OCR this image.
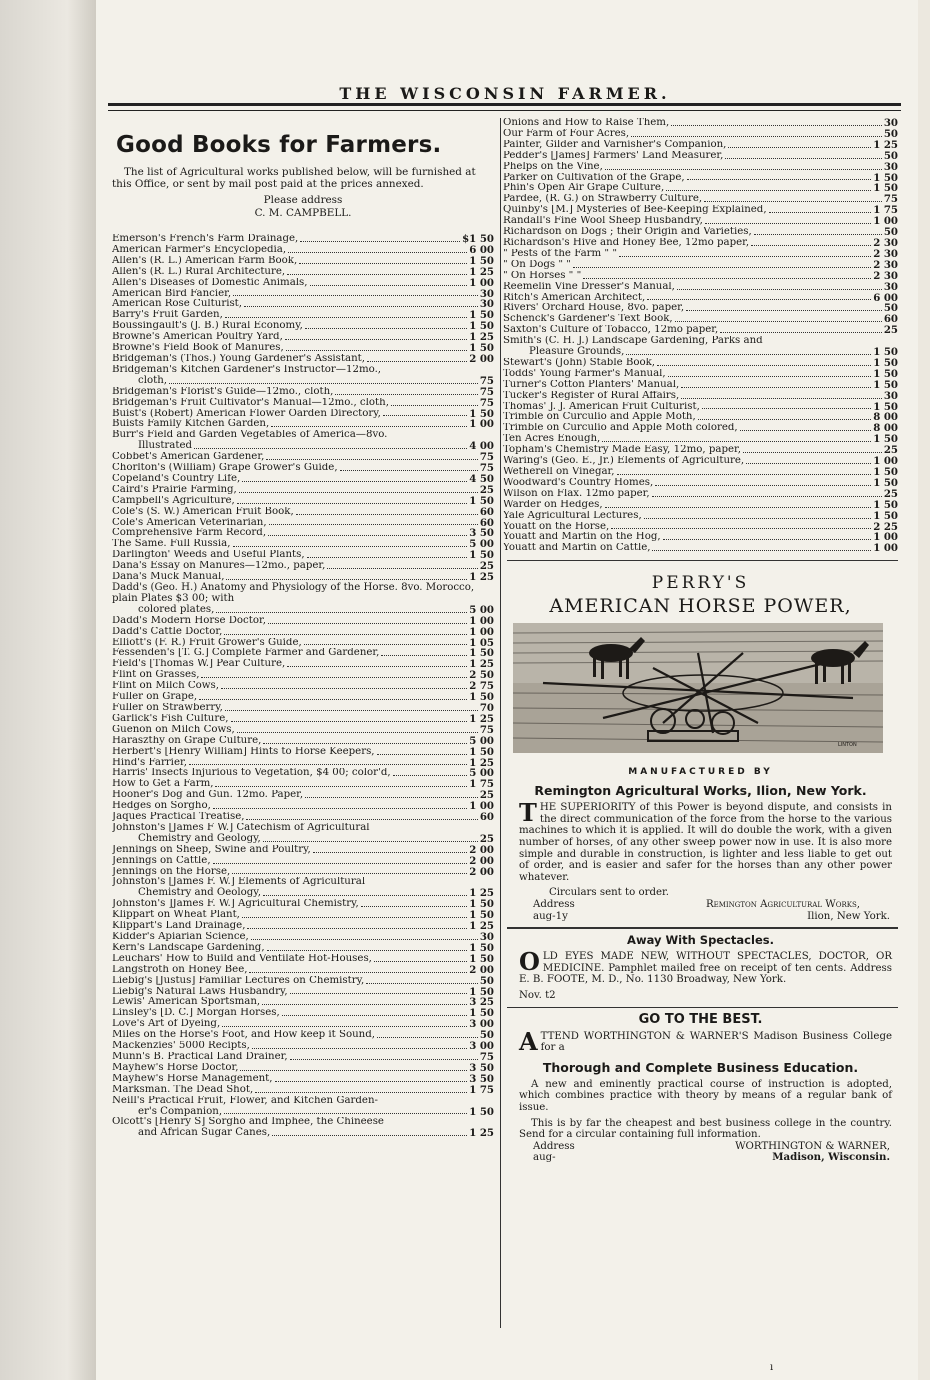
THE WISCONSIN FARMER.
Good Books for Farmers.

The list of Agricultural works published below, will be furnished at this Office, or sent by mail post paid at the prices annexed.

Please address
C. M. CAMPBELL.
Emerson's French's Farm Drainage,	$1 50
American Farmer's Encyclopedia,	6 00
Allen's (R. L.) American Farm Book,	1 50
Allen's (R. L.) Rural Architecture,	1 25
Allen's Diseases of Domestic Animals,	1 00
American Bird Fancier,	30
American Rose Culturist,	30
Barry's Fruit Garden,	1 50
Boussingault's (J. B.) Rural Economy,	1 50
Browne's American Poultry Yard,	1 25
Browne's Field Book of Manures,	1 50
Bridgeman's (Thos.) Young Gardener's Assistant,	2 00
Bridgeman's Kitchen Gardener's Instructor—12mo.,
cloth,	75
Bridgeman's Florist's Guide—12mo., cloth,	75
Bridgeman's Fruit Cultivator's Manual—12mo., cloth,	75
Buist's (Robert) American Flower Oarden Directory,	1 50
Buists Family Kitchen Garden,	1 00
Burr's Field and Garden Vegetables of America—8vo.
Illustrated	4 00
Cobbet's American Gardener,	75
Chorlton's (William) Grape Grower's Guide,	75
Copeland's Country Life,	4 50
Caird's Prairie Farming,	25
Campbell's Agriculture,	1 50
Cole's (S. W.) American Fruit Book,	60
Cole's American Veterinarian,	60
Comprehensive Farm Record,	3 50
The Same. Full Russia,	5 00
Darlington' Weeds and Useful Plants,	1 50
Dana's Essay on Manures—12mo., paper,	25
Dana's Muck Manual,	1 25
Dadd's (Geo. H.) Anatomy and Physiology of the Horse. 8vo. Morocco, plain Plates $3 00; with
colored plates,	5 00
Dadd's Modern Horse Doctor,	1 00
Dadd's Cattle Doctor,	1 00
Elliott's (F. R.) Fruit Grower's Guide,	1 05
Fessenden's [T. G.] Complete Farmer and Gardener,	1 50
Field's [Thomas W.] Pear Culture,	1 25
Flint on Grasses,	2 50
Flint on Milch Cows,	2 75
Fuller on Grape,	1 50
Fuller on Strawberry,	70
Garlick's Fish Culture,	1 25
Guenon on Milch Cows,	75
Haraszthy on Grape Culture,	5 00
Herbert's [Henry William] Hints to Horse Keepers,	1 50
Hind's Farrier,	1 25
Harris' Insects Injurious to Vegetation, $4 00; color'd,	5 00
How to Get a Farm,	1 75
Hooner's Dog and Gun. 12mo. Paper,	25
Hedges on Sorgho,	1 00
Jaques Practical Treatise,	60
Johnston's [James F W.] Catechism of Agricultural
Chemistry and Geology,	25
Jennings on Sheep, Swine and Poultry,	2 00
Jennings on Cattle,	2 00
Jennings on the Horse,	2 00
Johnston's [James F. W.] Elements of Agricultural
Chemistry and Oeology,	1 25
Johnston's ]James F. W.] Agricultural Chemistry,	1 50
Klippart on Wheat Plant,	1 50
Klippart's Land Drainage,	1 25
Kidder's Apiarian Science,	30
Kern's Landscape Gardening,	1 50
Leuchars' How to Build and Ventilate Hot-Houses,	1 50
Langstroth on Honey Bee,	2 00
Liebig's [Justus] Familiar Lectures on Chemistry,	50
Liebig's Natural Laws Husbandry,	1 50
Lewis' American Sportsman,	3 25
Linsley's [D. C.] Morgan Horses,	1 50
Love's Art of Dyeing,	3 00
Miles on the Horse's Foot, and How keep it Sound,	50
Mackenzies' 5000 Recipts,	3 00
Munn's B. Practical Land Drainer,	75
Mayhew's Horse Doctor,	3 50
Mayhew's Horse Management,	3 50
Marksman. The Dead Shot,	1 75
Neill's Practical Fruit, Flower, and Kitchen Garden-
er's Companion,	1 50
Olcott's [Henry S] Sorgho and Imphee, the Chineese
and African Sugar Canes,	1 25
Onions and How to Raise Them,	30
Our Farm of Four Acres,	50
Painter, Gilder and Varnisher's Companion,	1 25
Pedder's [James] Farmers' Land Measurer,	50
Phelps on the Vine,	30
Parker on Cultivation of the Grape,	1 50
Phin's Open Air Grape Culture,	1 50
Pardee, (R. G.) on Strawberry Culture,	75
Quinby's [M.] Mysteries of Bee-Keeping Explained,	1 75
Randall's Fine Wool Sheep Husbandry,	1 00
Richardson on Dogs ; their Origin and Varieties,	50
Richardson's Hive and Honey Bee, 12mo paper,	2 30
" Pests of the Farm " "	2 30
" On Dogs " "	2 30
" On Horses " "	2 30
Reemelin Vine Dresser's Manual,	30
Ritch's American Architect,	6 00
Rivers' Orchard House, 8vo. paper,	50
Schenck's Gardener's Text Book,	60
Saxton's Culture of Tobacco, 12mo paper,	25
Smith's (C. H. J.) Landscape Gardening, Parks and
Pleasure Grounds,	1 50
Stewart's (John) Stable Book,	1 50
Todds' Young Farmer's Manual,	1 50
Turner's Cotton Planters' Manual,	1 50
Tucker's Register of Rural Affairs,	30
Thomas' J. J. American Fruit Culturist,	1 50
Trimble on Curculio and Apple Moth,	8 00
Trimble on Curculio and Apple Moth colored,	8 00
Ten Acres Enough,	1 50
Topham's Chemistry Made Easy, 12mo, paper,	25
Waring's (Geo. E., Jr.) Elements of Agriculture,	1 00
Wetherell on Vinegar,	1 50
Woodward's Country Homes,	1 50
Wilson on Flax. 12mo paper,	25
Warder on Hedges,	1 50
Yale Agricultural Lectures,	1 50
Youatt on the Horse,	2 25
Youatt and Martin on the Hog,	1 00
Youatt and Martin on Cattle,	1 00
PERRY'S
AMERICAN HORSE POWER,
LINTON
MANUFACTURED BY
Remington Agricultural Works, Ilion, New York.
THE SUPERIORITY of this Power is beyond dispute, and consists in the direct communication of the force from the horse to the various machines to which it is applied. It will do double the work, with a given number of horses, of any other sweep power now in use. It is also more simple and durable in construction, is lighter and less liable to get out of order, and is easier and safer for the horses than any other power whatever.
Circulars sent to order.
Address	Remington Agricultural Works,
aug-1y	Ilion, New York.
Away With Spectacles.
OLD EYES MADE NEW, WITHOUT SPECTACLES, DOCTOR, OR MEDICINE. Pamphlet mailed free on receipt of ten cents. Address E. B. FOOTE, M. D., No. 1130 Broadway, New York.
Nov. t2
GO TO THE BEST.
ATTEND WORTHINGTON & WARNER'S Madison Business College for a
Thorough and Complete Business Education.
A new and eminently practical course of instruction is adopted, which combines practice with theory by means of a regular bank of issue.
This is by far the cheapest and best business college in the country. Send for a circular containing full information.
Address	WORTHINGTON & WARNER,
aug-	Madison, Wisconsin.
ı
